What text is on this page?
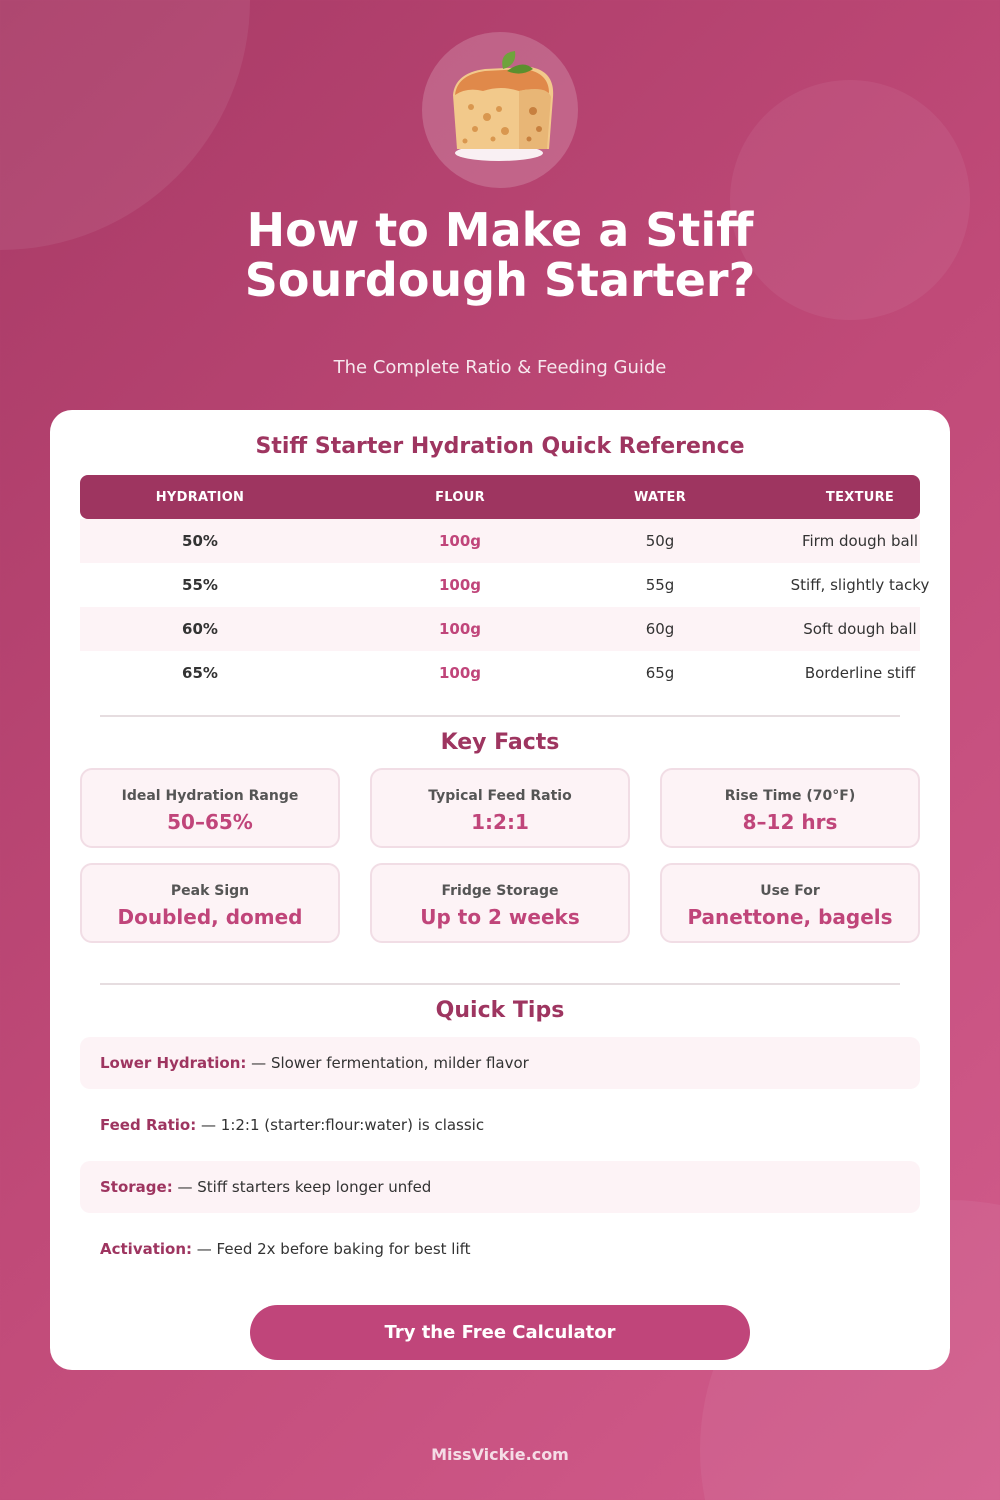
How to Make a Stiff
Sourdough Starter?
The Complete Ratio & Feeding Guide
Stiff Starter Hydration Quick Reference
HYDRATION	FLOUR	WATER	TEXTURE
50%	100g	50g	Firm dough ball
55%	100g	55g	Stiff, slightly tacky
60%	100g	60g	Soft dough ball
65%	100g	65g	Borderline stiff
Key Facts
Ideal Hydration Range
50–65%
Typical Feed Ratio
1:2:1
Rise Time (70°F)
8–12 hrs
Peak Sign
Doubled, domed
Fridge Storage
Up to 2 weeks
Use For
Panettone, bagels
Quick Tips
Lower Hydration: — Slower fermentation, milder flavor
Feed Ratio: — 1:2:1 (starter:flour:water) is classic
Storage: — Stiff starters keep longer unfed
Activation: — Feed 2x before baking for best lift
Try the Free Calculator
MissVickie.com
